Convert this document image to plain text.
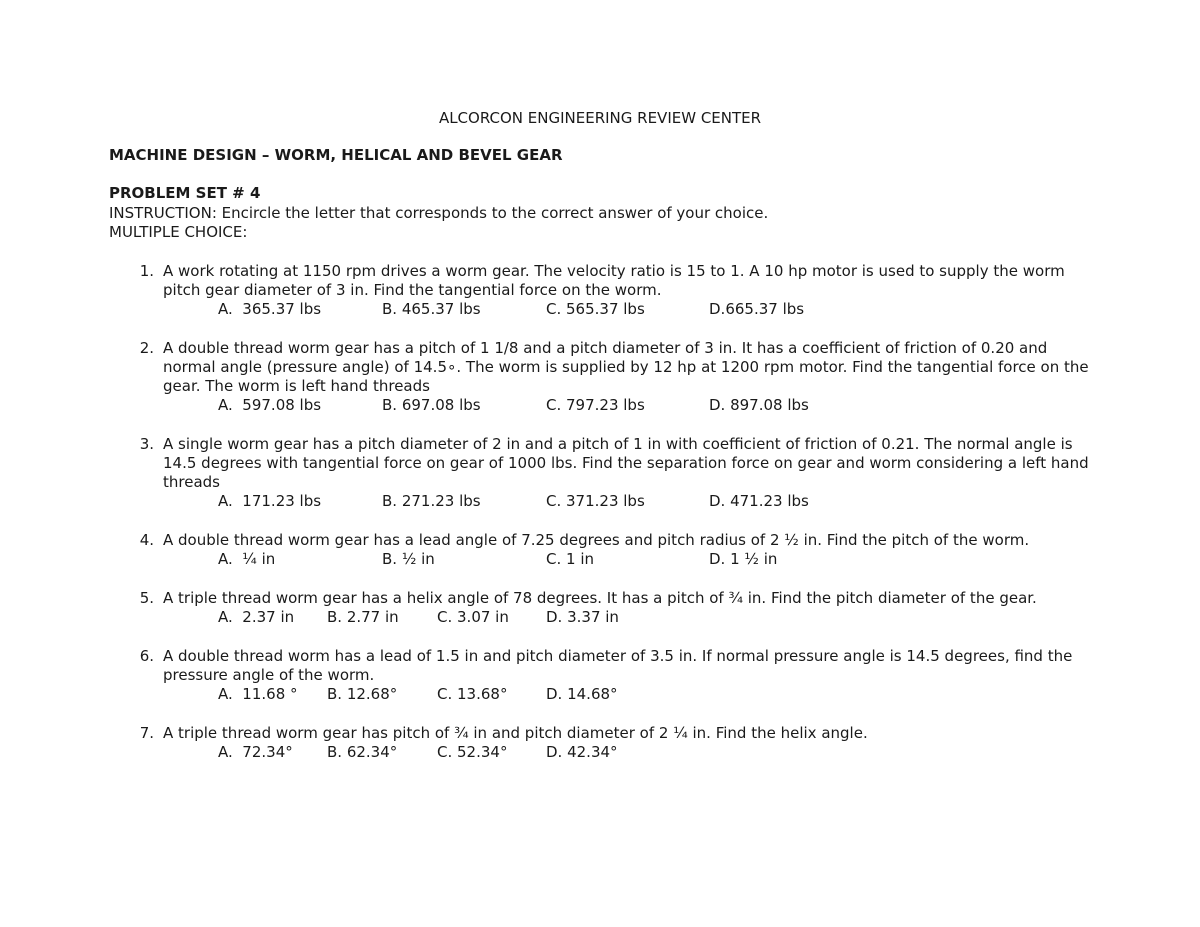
ALCORCON ENGINEERING REVIEW CENTER
MACHINE DESIGN – WORM, HELICAL AND BEVEL GEAR
PROBLEM SET # 4
INSTRUCTION: Encircle the letter that corresponds to the correct answer of your choice.
MULTIPLE CHOICE:
1. A work rotating at 1150 rpm drives a worm gear. The velocity ratio is 15 to 1. A 10 hp motor is used to supply the worm pitch gear diameter of 3 in. Find the tangential force on the worm.
A.  365.37 lbs	B. 465.37 lbs	C. 565.37 lbs	D.665.37 lbs
2. A double thread worm gear has a pitch of 1 1/8 and a pitch diameter of 3 in. It has a coefficient of friction of 0.20 and normal angle (pressure angle) of 14.5∘. The worm is supplied by 12 hp at 1200 rpm motor. Find the tangential force on the gear. The worm is left hand threads
A.  597.08 lbs	B. 697.08 lbs	C. 797.23 lbs	D. 897.08 lbs
3. A single worm gear has a pitch diameter of 2 in and a pitch of 1 in with coefficient of friction of 0.21. The normal angle is 14.5 degrees with tangential force on gear of 1000 lbs. Find the separation force on gear and worm considering a left hand threads
A.  171.23 lbs	B. 271.23 lbs	C. 371.23 lbs	D. 471.23 lbs
4. A double thread worm gear has a lead angle of 7.25 degrees and pitch radius of 2 ½ in. Find the pitch of the worm.
A.  ¼ in	B. ½ in	C. 1 in	D. 1 ½ in
5. A triple thread worm gear has a helix angle of 78 degrees. It has a pitch of ¾ in. Find the pitch diameter of the gear.
A.  2.37 in B. 2.77 in	C. 3.07 in D. 3.37 in
6. A double thread worm has a lead of 1.5 in and pitch diameter of 3.5 in. If normal pressure angle is 14.5 degrees, find the pressure angle of the worm.
A.  11.68 ° B. 12.68°	C. 13.68°	D. 14.68°
7. A triple thread worm gear has pitch of ¾ in and pitch diameter of 2 ¼ in. Find the helix angle.
A.  72.34° B. 62.34°	C. 52.34°	D. 42.34°
